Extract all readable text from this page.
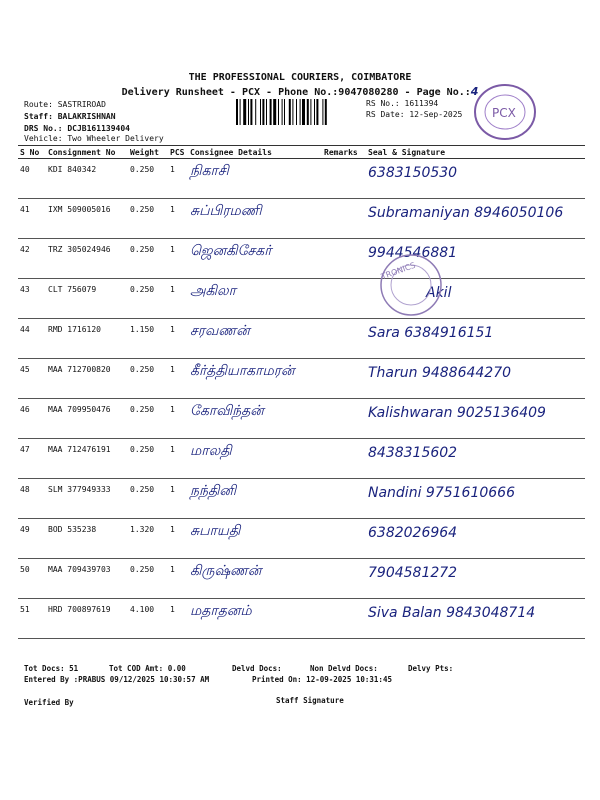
THE PROFESSIONAL COURIERS, COIMBATORE
Delivery Runsheet - PCX - Phone No.:9047080280 - Page No.:4
Route: SASTRIROAD
Staff: BALAKRISHNAN
DRS No.: DCJB161139404
Vehicle: Two Wheeler Delivery
RS No.: 1611394
RS Date: 12-Sep-2025 PCX
S No	Consignment No	Weight	PCS	Consignee Details	Remarks	Seal & Signature
40	KDI 840342	0.250	1	நிகாசி		6383150530
41	IXM 509005016	0.250	1	சுப்பிரமணி		Subramaniyan 8946050106
42	TRZ 305024946	0.250	1	ஜெனகிசேகர்		9944546881
43	CLT 756079	0.250	1	அகிலா		Akil
44	RMD 1716120	1.150	1	சரவணன்		Sara 6384916151
45	MAA 712700820	0.250	1	கீர்த்தியாகாமரன்		Tharun 9488644270
46	MAA 709950476	0.250	1	கோவிந்தன்		Kalishwaran 9025136409
47	MAA 712476191	0.250	1	மாலதி		8438315602
48	SLM 377949333	0.250	1	நந்தினி		Nandini 9751610666
49	BOD 535238	1.320	1	சுபாயதி		6382026964
50	MAA 709439703	0.250	1	கிருஷ்ணன்		7904581272
51	HRD 700897619	4.100	1	மதாதனம்		Siva Balan 9843048714
TRONICS
Tot Docs: 51	Tot COD Amt: 0.00	Delvd Docs:	Non Delvd Docs:	Delvy Pts:
Entered By :PRABUS 09/12/2025 10:30:57 AM	Printed On: 12-09-2025 10:31:45
Verified By	Staff Signature
